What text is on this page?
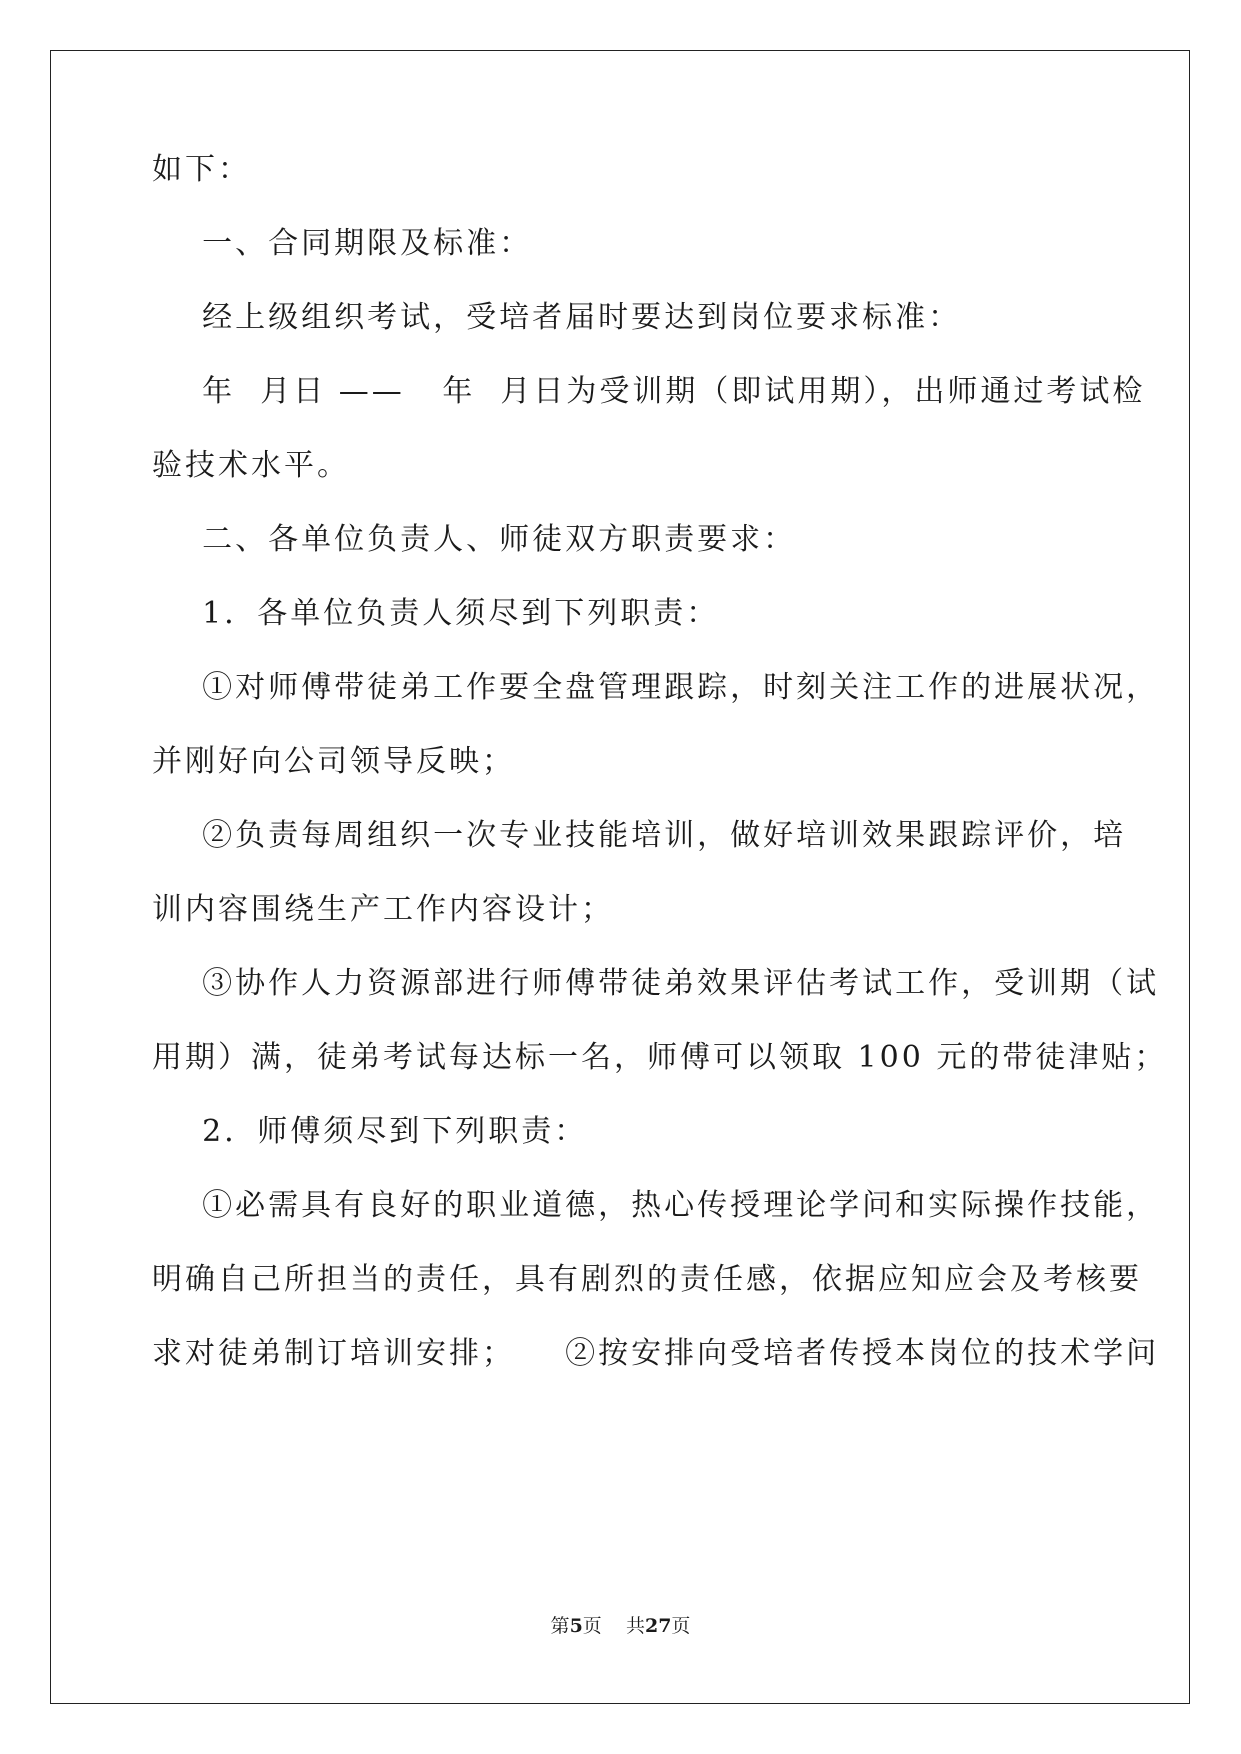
如下：

一、合同期限及标准：

经上级组织考试，受培者届时要达到岗位要求标准：

年  月日 ——   年  月日为受训期（即试用期），出师通过考试检

验技术水平。

二、各单位负责人、师徒双方职责要求：

1．各单位负责人须尽到下列职责：

①对师傅带徒弟工作要全盘管理跟踪，时刻关注工作的进展状况，

并刚好向公司领导反映；

②负责每周组织一次专业技能培训，做好培训效果跟踪评价，培

训内容围绕生产工作内容设计；

③协作人力资源部进行师傅带徒弟效果评估考试工作，受训期（试

用期）满，徒弟考试每达标一名，师傅可以领取 100 元的带徒津贴；

2．师傅须尽到下列职责：

①必需具有良好的职业道德，热心传授理论学问和实际操作技能，

明确自己所担当的责任，具有剧烈的责任感，依据应知应会及考核要

求对徒弟制订培训安排；    ②按安排向受培者传授本岗位的技术学问

第5页    共27页
